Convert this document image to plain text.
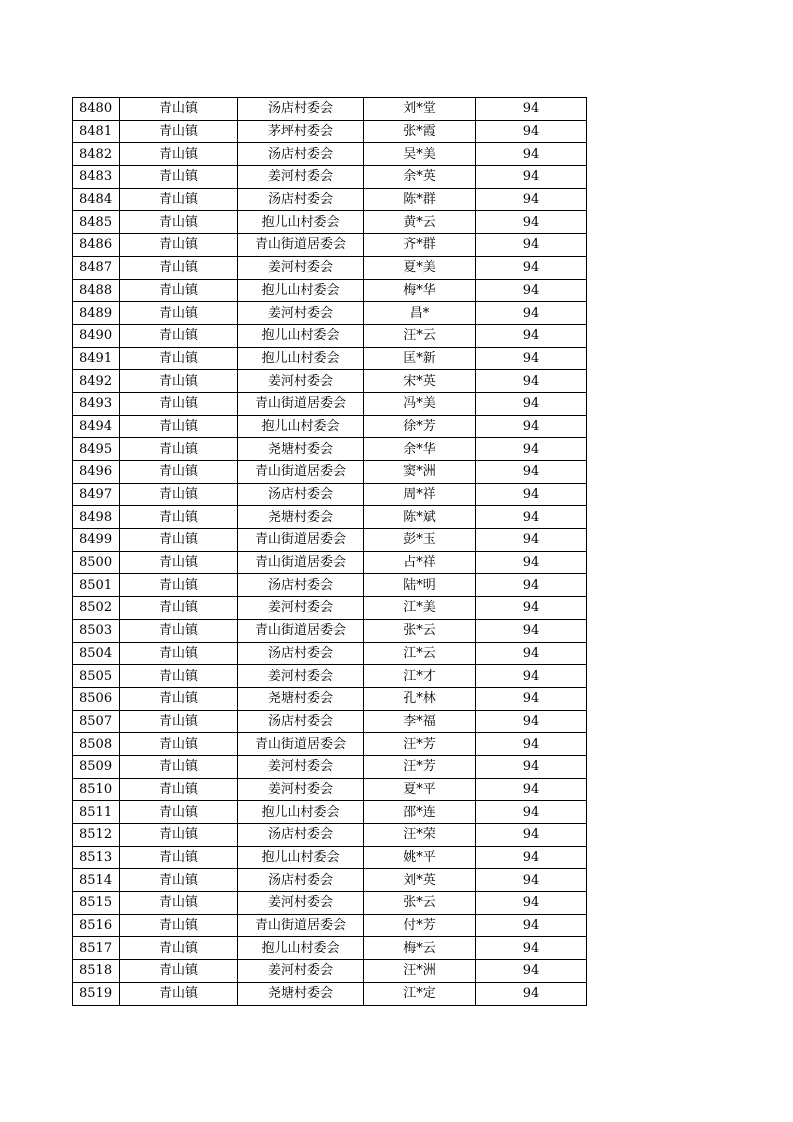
8480	青山镇	汤店村委会	刘*堂	94
8481	青山镇	茅坪村委会	张*霞	94
8482	青山镇	汤店村委会	吴*美	94
8483	青山镇	姜河村委会	余*英	94
8484	青山镇	汤店村委会	陈*群	94
8485	青山镇	抱儿山村委会	黄*云	94
8486	青山镇	青山街道居委会	齐*群	94
8487	青山镇	姜河村委会	夏*美	94
8488	青山镇	抱儿山村委会	梅*华	94
8489	青山镇	姜河村委会	昌*	94
8490	青山镇	抱儿山村委会	汪*云	94
8491	青山镇	抱儿山村委会	匡*新	94
8492	青山镇	姜河村委会	宋*英	94
8493	青山镇	青山街道居委会	冯*美	94
8494	青山镇	抱儿山村委会	徐*芳	94
8495	青山镇	尧塘村委会	余*华	94
8496	青山镇	青山街道居委会	窦*洲	94
8497	青山镇	汤店村委会	周*祥	94
8498	青山镇	尧塘村委会	陈*斌	94
8499	青山镇	青山街道居委会	彭*玉	94
8500	青山镇	青山街道居委会	占*祥	94
8501	青山镇	汤店村委会	陆*明	94
8502	青山镇	姜河村委会	江*美	94
8503	青山镇	青山街道居委会	张*云	94
8504	青山镇	汤店村委会	江*云	94
8505	青山镇	姜河村委会	江*才	94
8506	青山镇	尧塘村委会	孔*林	94
8507	青山镇	汤店村委会	李*福	94
8508	青山镇	青山街道居委会	汪*芳	94
8509	青山镇	姜河村委会	汪*芳	94
8510	青山镇	姜河村委会	夏*平	94
8511	青山镇	抱儿山村委会	邵*连	94
8512	青山镇	汤店村委会	汪*荣	94
8513	青山镇	抱儿山村委会	姚*平	94
8514	青山镇	汤店村委会	刘*英	94
8515	青山镇	姜河村委会	张*云	94
8516	青山镇	青山街道居委会	付*芳	94
8517	青山镇	抱儿山村委会	梅*云	94
8518	青山镇	姜河村委会	汪*洲	94
8519	青山镇	尧塘村委会	江*定	94
